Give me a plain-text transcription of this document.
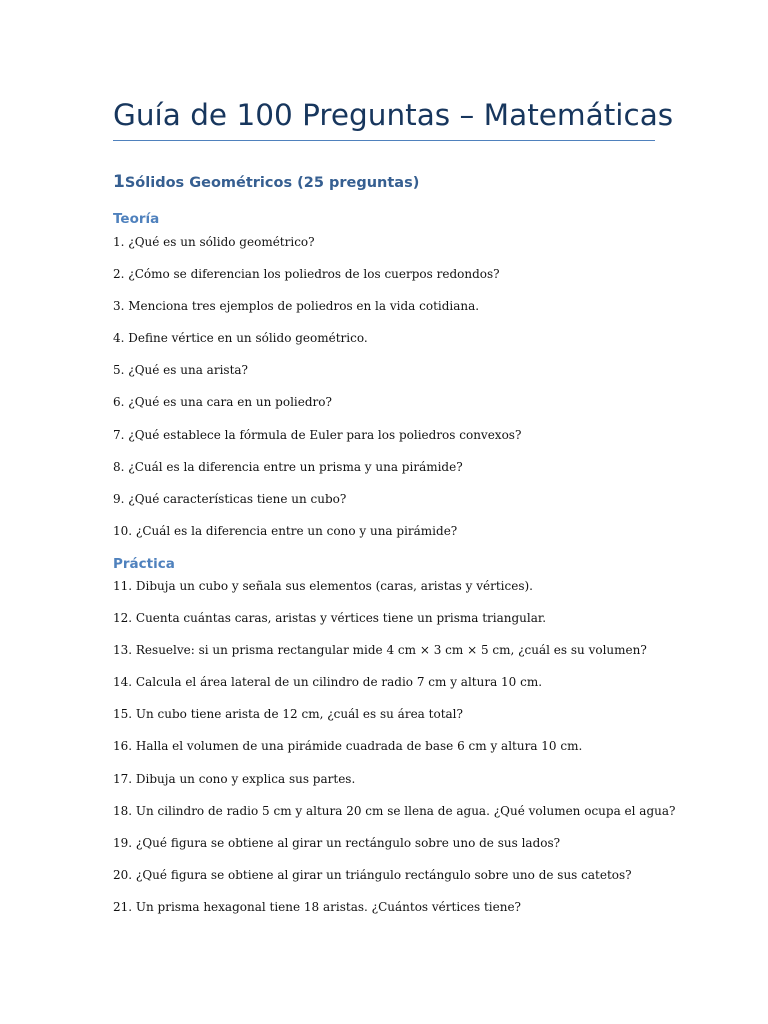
Guía de 100 Preguntas – Matemáticas
1 Sólidos Geométricos (25 preguntas)
Teoría
1. ¿Qué es un sólido geométrico?
2. ¿Cómo se diferencian los poliedros de los cuerpos redondos?
3. Menciona tres ejemplos de poliedros en la vida cotidiana.
4. Define vértice en un sólido geométrico.
5. ¿Qué es una arista?
6. ¿Qué es una cara en un poliedro?
7. ¿Qué establece la fórmula de Euler para los poliedros convexos?
8. ¿Cuál es la diferencia entre un prisma y una pirámide?
9. ¿Qué características tiene un cubo?
10. ¿Cuál es la diferencia entre un cono y una pirámide?
Práctica
11. Dibuja un cubo y señala sus elementos (caras, aristas y vértices).
12. Cuenta cuántas caras, aristas y vértices tiene un prisma triangular.
13. Resuelve: si un prisma rectangular mide 4 cm × 3 cm × 5 cm, ¿cuál es su volumen?
14. Calcula el área lateral de un cilindro de radio 7 cm y altura 10 cm.
15. Un cubo tiene arista de 12 cm, ¿cuál es su área total?
16. Halla el volumen de una pirámide cuadrada de base 6 cm y altura 10 cm.
17. Dibuja un cono y explica sus partes.
18. Un cilindro de radio 5 cm y altura 20 cm se llena de agua. ¿Qué volumen ocupa el agua?
19. ¿Qué figura se obtiene al girar un rectángulo sobre uno de sus lados?
20. ¿Qué figura se obtiene al girar un triángulo rectángulo sobre uno de sus catetos?
21. Un prisma hexagonal tiene 18 aristas. ¿Cuántos vértices tiene?
